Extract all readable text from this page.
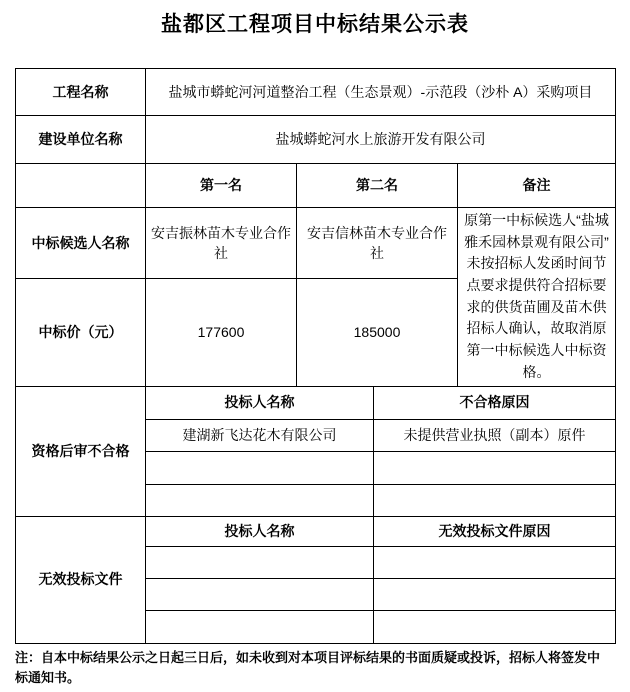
盐都区工程项目中标结果公示表
工程名称	盐城市蟒蛇河河道整治工程（生态景观）-示范段（沙朴 A）采购项目		
建设单位名称	盐城蟒蛇河水上旅游开发有限公司		
	第一名	第二名	备注
中标候选人名称	安吉振林苗木专业合作社	安吉信林苗木专业合作社	原第一中标候选人“盐城雅禾园林景观有限公司”未按招标人发函时间节点要求提供符合招标要求的供货苗圃及苗木供招标人确认，故取消原第一中标候选人中标资格。
中标价（元）	177600	185000	
资格后审不合格	投标人名称	不合格原因
	建湖新飞达花木有限公司	未提供营业执照（副本）原件

无效投标文件	投标人名称	无效投标文件原因

注：自本中标结果公示之日起三日后，如未收到对本项目评标结果的书面质疑或投诉，招标人将签发中标通知书。
